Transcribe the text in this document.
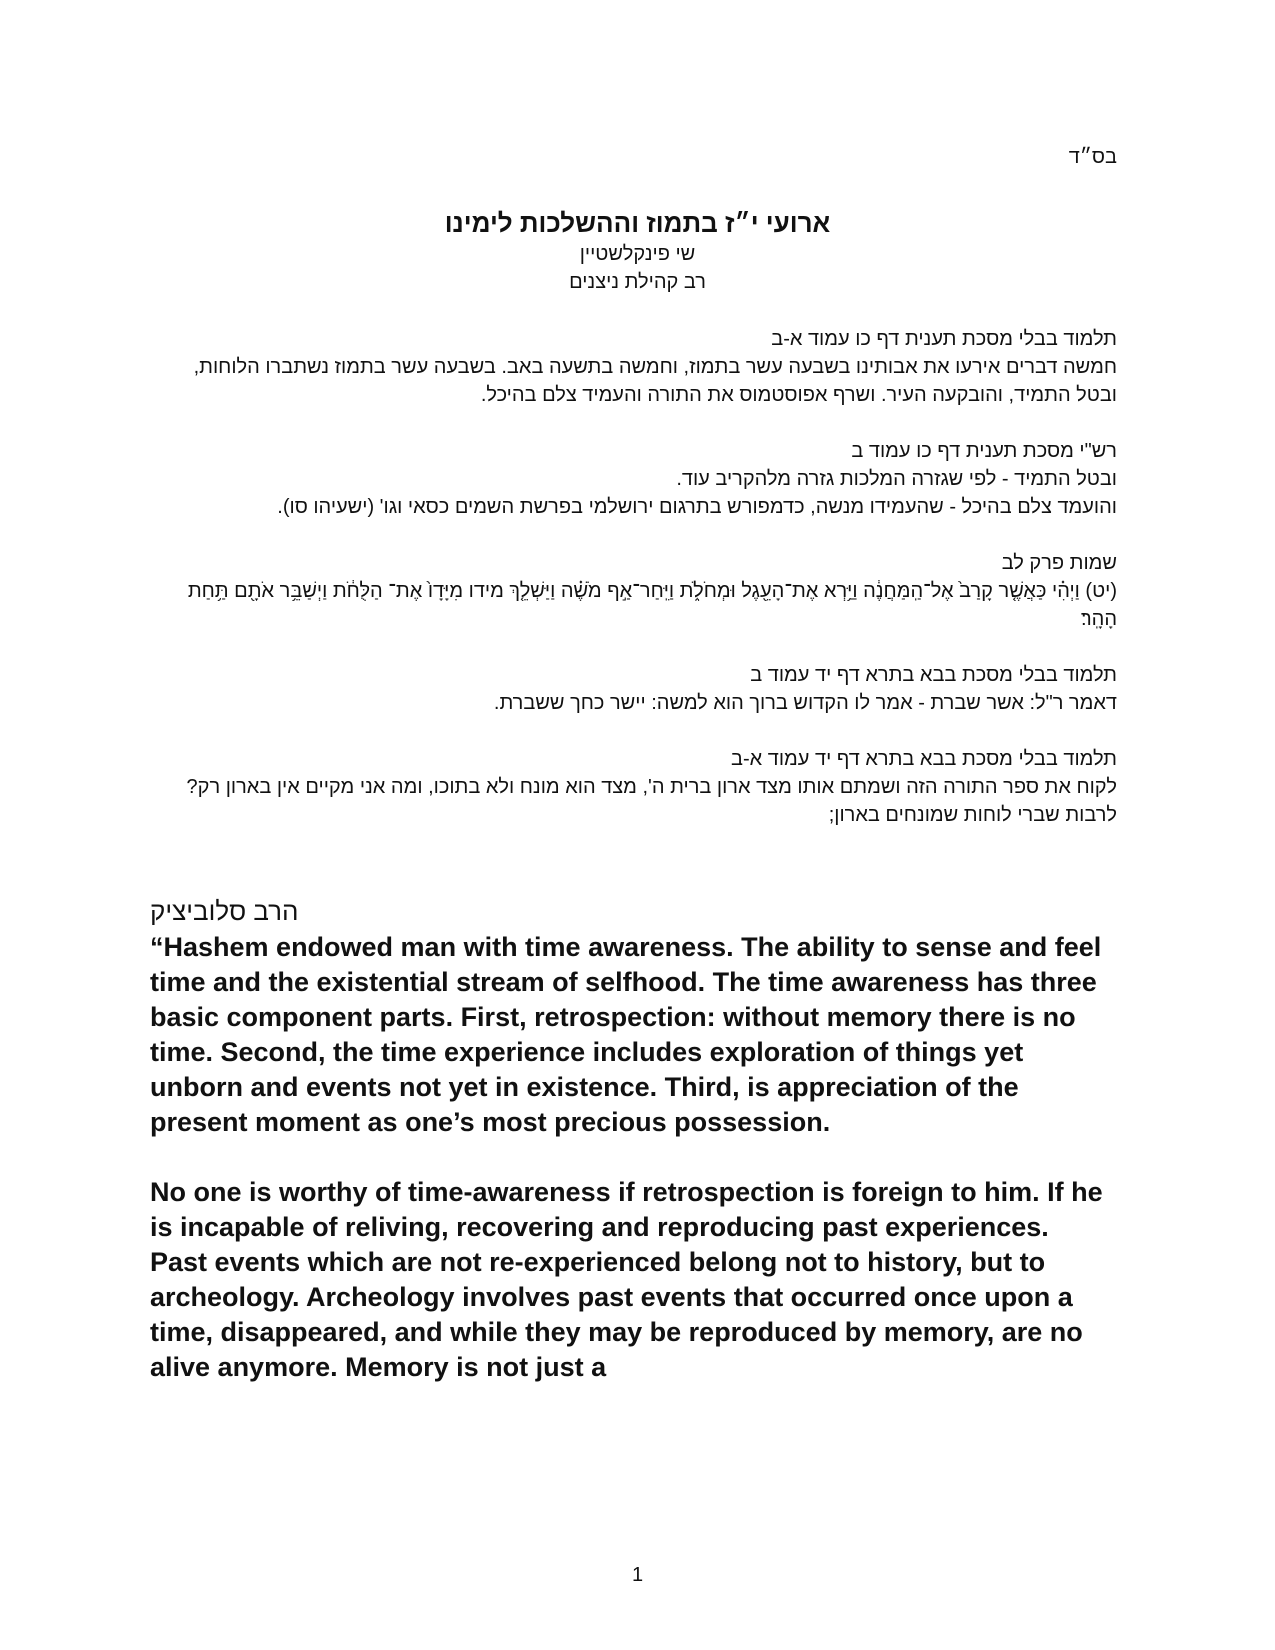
בס״ד
ארועי י״ז בתמוז וההשלכות לימינו
שי פינקלשטיין
רב קהילת ניצנים

תלמוד בבלי מסכת תענית דף כו עמוד א-ב

חמשה דברים אירעו את אבותינו בשבעה עשר בתמוז, וחמשה בתשעה באב. בשבעה עשר בתמוז נשתברו הלוחות, ובטל התמיד, והובקעה העיר. ושרף אפוסטמוס את התורה והעמיד צלם בהיכל.

רש"י מסכת תענית דף כו עמוד ב

ובטל התמיד - לפי שגזרה המלכות גזרה מלהקריב עוד.

והועמד צלם בהיכל - שהעמידו מנשה, כדמפורש בתרגום ירושלמי בפרשת השמים כסאי וגו' (ישעיהו סו).

שמות פרק לב

(יט) וַיְהִ֗י כַּאֲשֶׁ֤ר קָרַב֙ אֶל־הַֽמַּחֲנֶ֔ה וַיַּ֥רְא אֶת־הָעֵ֖גֶל וּמְחֹלֹ֑ת וַיִּֽחַר־אַ֣ף מֹשֶׁ֗ה וַיַּשְׁלֵ֤ךְ מידו מִיָּדָו֙ אֶת־ הַלֻּחֹ֔ת וַיְשַׁבֵּ֥ר אֹתָ֖ם תַּ֥חַת הָהָֽר׃

תלמוד בבלי מסכת בבא בתרא דף יד עמוד ב

דאמר ר"ל: אשר שברת - אמר לו הקדוש ברוך הוא למשה: יישר כחך ששברת.

תלמוד בבלי מסכת בבא בתרא דף יד עמוד א-ב

לקוח את ספר התורה הזה ושמתם אותו מצד ארון ברית ה', מצד הוא מונח ולא בתוכו, ומה אני מקיים אין בארון רק? לרבות שברי לוחות שמונחים בארון;

הרב סלוביציק

“Hashem endowed man with time awareness. The ability to sense and feel time and the existential stream of selfhood. The time awareness has three basic component parts. First, retrospection: without memory there is no time. Second, the time experience includes exploration of things yet unborn and events not yet in existence. Third, is appreciation of the present moment as one’s most precious possession.

No one is worthy of time-awareness if retrospection is foreign to him. If he is incapable of reliving, recovering and reproducing past experiences. Past events which are not re-experienced belong not to history, but to archeology. Archeology involves past events that occurred once upon a time, disappeared, and while they may be reproduced by memory, are no alive anymore. Memory is not just a

1
